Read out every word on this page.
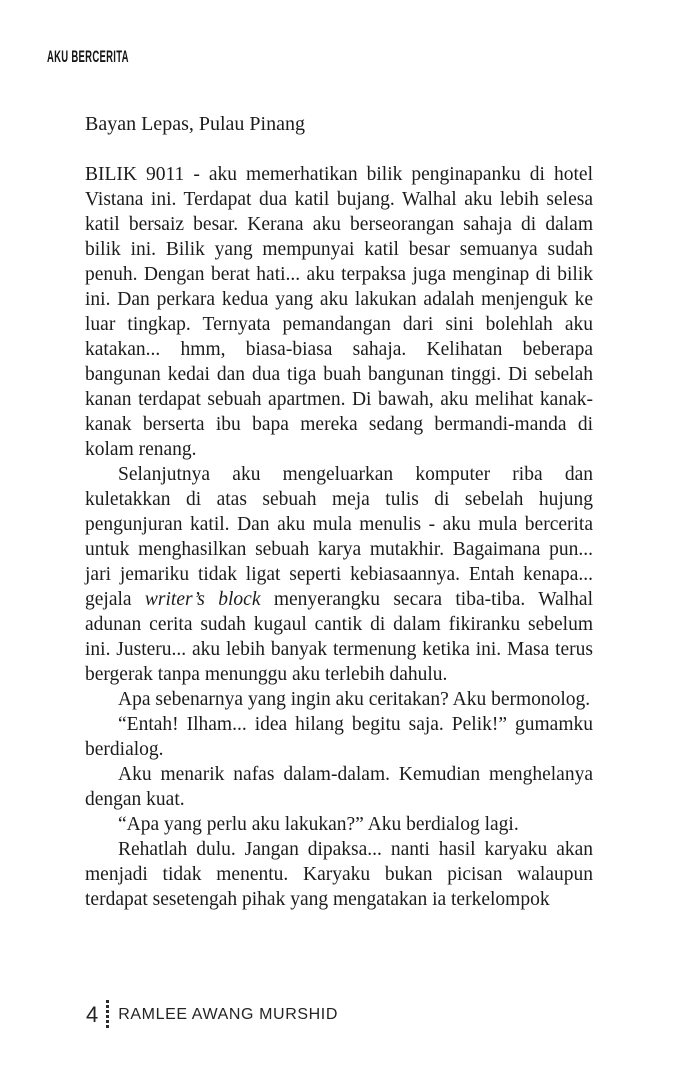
AKU BERCERITA

Bayan Lepas, Pulau Pinang

BILIK 9011 - aku memerhatikan bilik penginapanku di hotel Vistana ini. Terdapat dua katil bujang. Walhal aku lebih selesa katil bersaiz besar. Kerana aku berseorangan sahaja di dalam bilik ini. Bilik yang mempunyai katil besar semuanya sudah penuh. Dengan berat hati... aku terpaksa juga menginap di bilik ini. Dan perkara kedua yang aku lakukan adalah menjenguk ke luar tingkap. Ternyata pemandangan dari sini bolehlah aku katakan... hmm, biasa-biasa sahaja. Kelihatan beberapa bangunan kedai dan dua tiga buah bangunan tinggi. Di sebelah kanan terdapat sebuah apartmen. Di bawah, aku melihat kanak-kanak berserta ibu bapa mereka sedang bermandi-manda di kolam renang.

Selanjutnya aku mengeluarkan komputer riba dan kuletakkan di atas sebuah meja tulis di sebelah hujung pengunjuran katil. Dan aku mula menulis - aku mula bercerita untuk menghasilkan sebuah karya mutakhir. Bagaimana pun... jari jemariku tidak ligat seperti kebiasaannya. Entah kenapa... gejala writer’s block menyerangku secara tiba-tiba. Walhal adunan cerita sudah kugaul cantik di dalam fikiranku sebelum ini. Justeru... aku lebih banyak termenung ketika ini. Masa terus bergerak tanpa menunggu aku terlebih dahulu.

Apa sebenarnya yang ingin aku ceritakan? Aku bermonolog.

“Entah! Ilham... idea hilang begitu saja. Pelik!” gumamku berdialog.

Aku menarik nafas dalam-dalam. Kemudian menghelanya dengan kuat.

“Apa yang perlu aku lakukan?” Aku berdialog lagi.

Rehatlah dulu. Jangan dipaksa... nanti hasil karyaku akan menjadi tidak menentu. Karyaku bukan picisan walaupun terdapat sesetengah pihak yang mengatakan ia terkelompok

4 RAMLEE AWANG MURSHID
